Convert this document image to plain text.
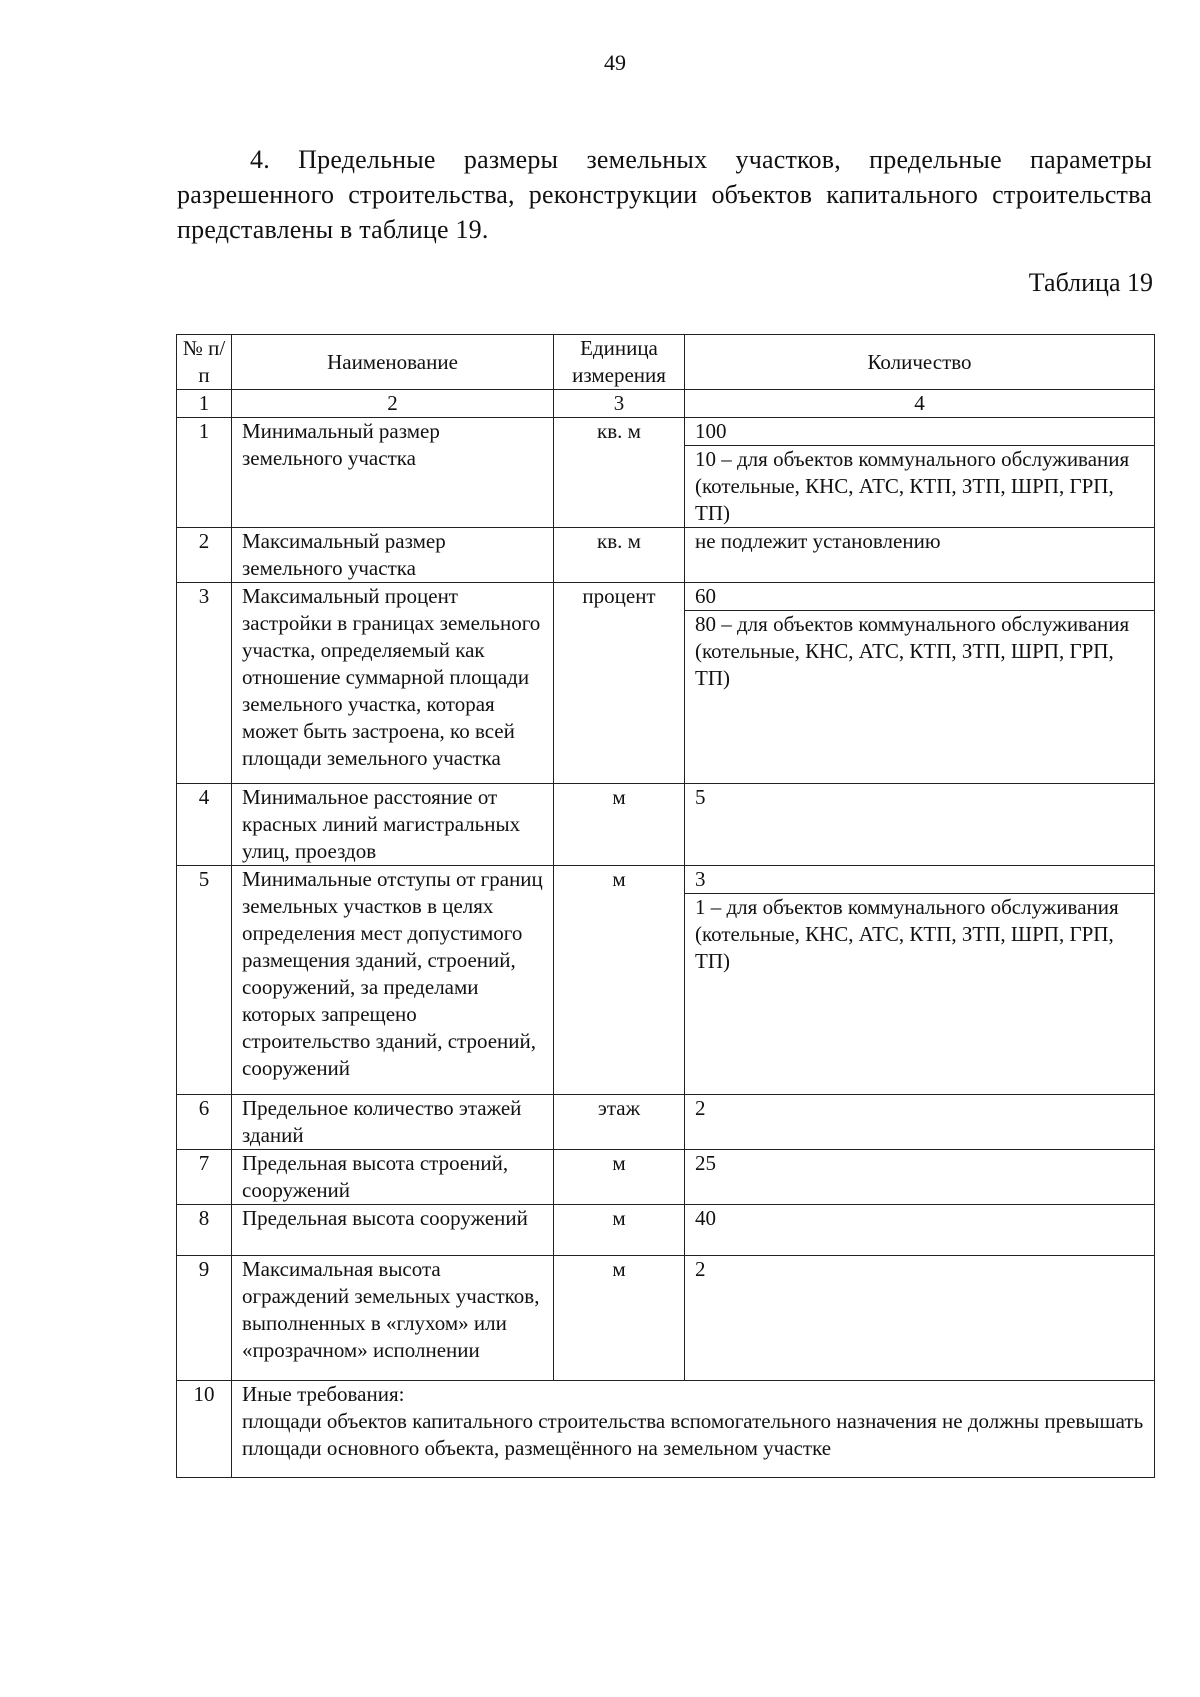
49
4. Предельные размеры земельных участков, предельные параметры разрешенного строительства, реконструкции объектов капитального строительства представлены в таблице 19.
Таблица 19
№ п/п	Наименование	Единица измерения	Количество
1	2	3	4
1	Минимальный размер земельного участка	кв. м	100
10 – для объектов коммунального обслуживания (котельные, КНС, АТС, КТП, ЗТП, ШРП, ГРП, ТП)

2	Максимальный размер земельного участка	кв. м	не подлежит установлению

3	Максимальный процент застройки в границах земельного участка, определяемый как отношение суммарной площади земельного участка, которая может быть застроена, ко всей площади земельного участка	процент	60
80 – для объектов коммунального обслуживания (котельные, КНС, АТС, КТП, ЗТП, ШРП, ГРП, ТП)

4	Минимальное расстояние от красных линий магистральных улиц, проездов	м	5

5	Минимальные отступы от границ земельных участков в целях определения мест допустимого размещения зданий, строений, сооружений, за пределами которых запрещено строительство зданий, строений, сооружений	м	3
1 – для объектов коммунального обслуживания (котельные, КНС, АТС, КТП, ЗТП, ШРП, ГРП, ТП)

6	Предельное количество этажей зданий	этаж	2

7	Предельная высота строений, сооружений	м	25

8	Предельная высота сооружений	м	40

9	Максимальная высота ограждений земельных участков, выполненных в «глухом» или «прозрачном» исполнении	м	2

10	Иные требования:
площади объектов капитального строительства вспомогательного назначения не должны превышать площади основного объекта, размещённого на земельном участке		
